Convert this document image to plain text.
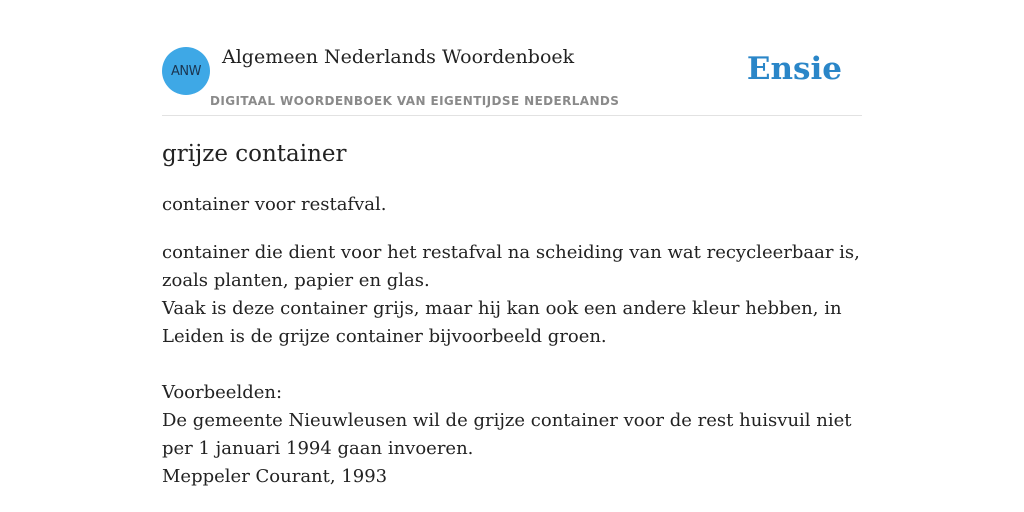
ANW
Algemeen Nederlands Woordenboek
DIGITAAL WOORDENBOEK VAN EIGENTIJDSE NEDERLANDS
Ensie
grijze container

container voor restafval.

container die dient voor het restafval na scheiding van wat recycleerbaar is, zoals planten, papier en glas.

Vaak is deze container grijs, maar hij kan ook een andere kleur hebben, in Leiden is de grijze container bijvoorbeeld groen.

Voorbeelden:

De gemeente Nieuwleusen wil de grijze container voor de rest huisvuil niet per 1 januari 1994 gaan invoeren.

Meppeler Courant, 1993
